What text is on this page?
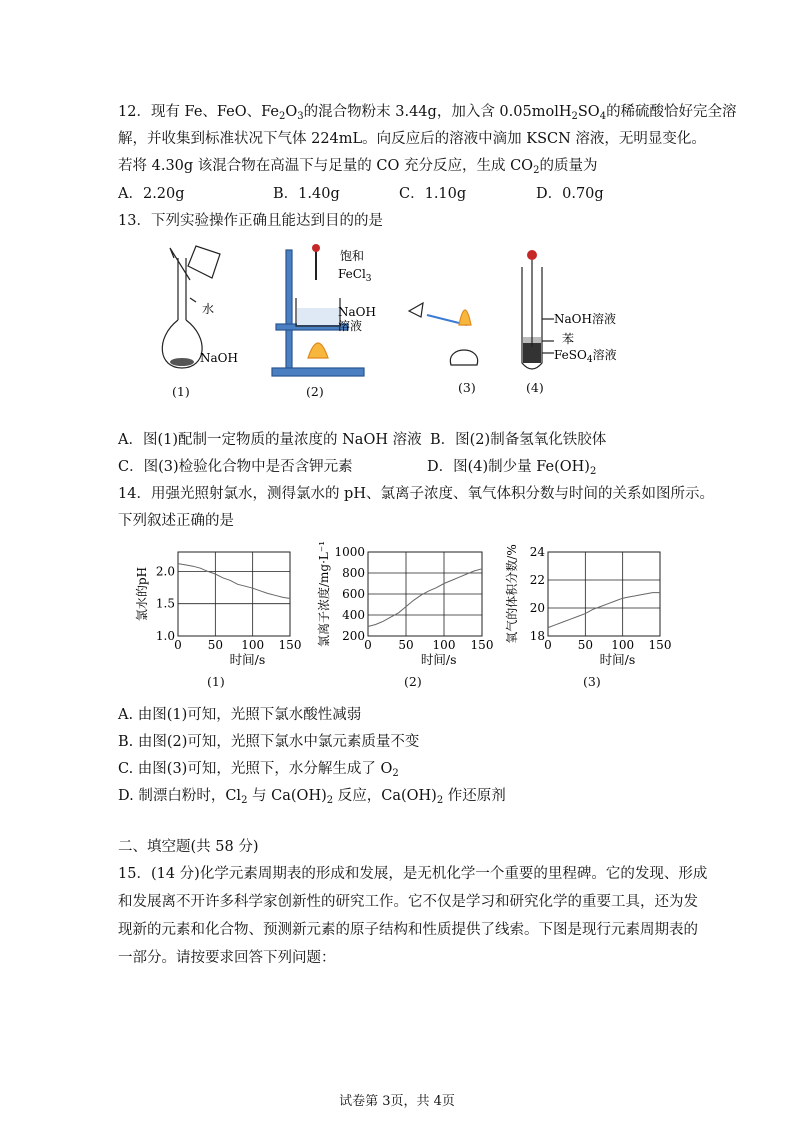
12．现有 Fe、FeO、$Fe_2O_3$的混合物粉末 3.44g，加入含 $0.05molH_2SO_4$的稀硫酸恰好完全溶
解，并收集到标准状况下气体 224mL。向反应后的溶液中滴加 KSCN 溶液，无明显变化。
若将 4.30g 该混合物在高温下与足量的 CO 充分反应，生成 $CO_2$的质量为
A．2.20g	B．1.40g	C．1.10g	D．0.70g
13．下列实验操作正确且能达到目的的是
水
NaOH
(1)
饱和
FeCl$_3$
NaOH
溶液
(2)	(3)
NaOH溶液
苯
FeSO$_4$溶液
(4)
A．图(1)配制一定物质的量浓度的 NaOH 溶液 B．图(2)制备氢氧化铁胶体
C．图(3)检验化合物中是否含钾元素	D．图(4)制少量 $Fe(OH)_2$
14．用强光照射氯水，测得氯水的 pH、氯离子浓度、氧气体积分数与时间的关系如图所示。
下列叙述正确的是
0 50 100 150
1.0
1.5
2.0
时间/s
氯水的pH
0 50 100 150
200
400
600
800
1000
时间/s
氯离子浓度/mg·L⁻¹	0 50 100 150
18
20
22
24
时间/s
氧气的体积分数/%
(1)	(2)	(3)
A. 由图(1)可知，光照下氯水酸性减弱
B. 由图(2)可知，光照下氯水中氯元素质量不变
C. 由图(3)可知，光照下，水分解生成了 $O_2$
D. 制漂白粉时，$Cl_2$ 与 $Ca(OH)_2$ 反应，$Ca(OH)_2$ 作还原剂
二、填空题(共 58 分)
15．(14 分)化学元素周期表的形成和发展，是无机化学一个重要的里程碑。它的发现、形成
和发展离不开许多科学家创新性的研究工作。它不仅是学习和研究化学的重要工具，还为发
现新的元素和化合物、预测新元素的原子结构和性质提供了线索。下图是现行元素周期表的
一部分。请按要求回答下列问题：
试卷第 3页，共 4页
